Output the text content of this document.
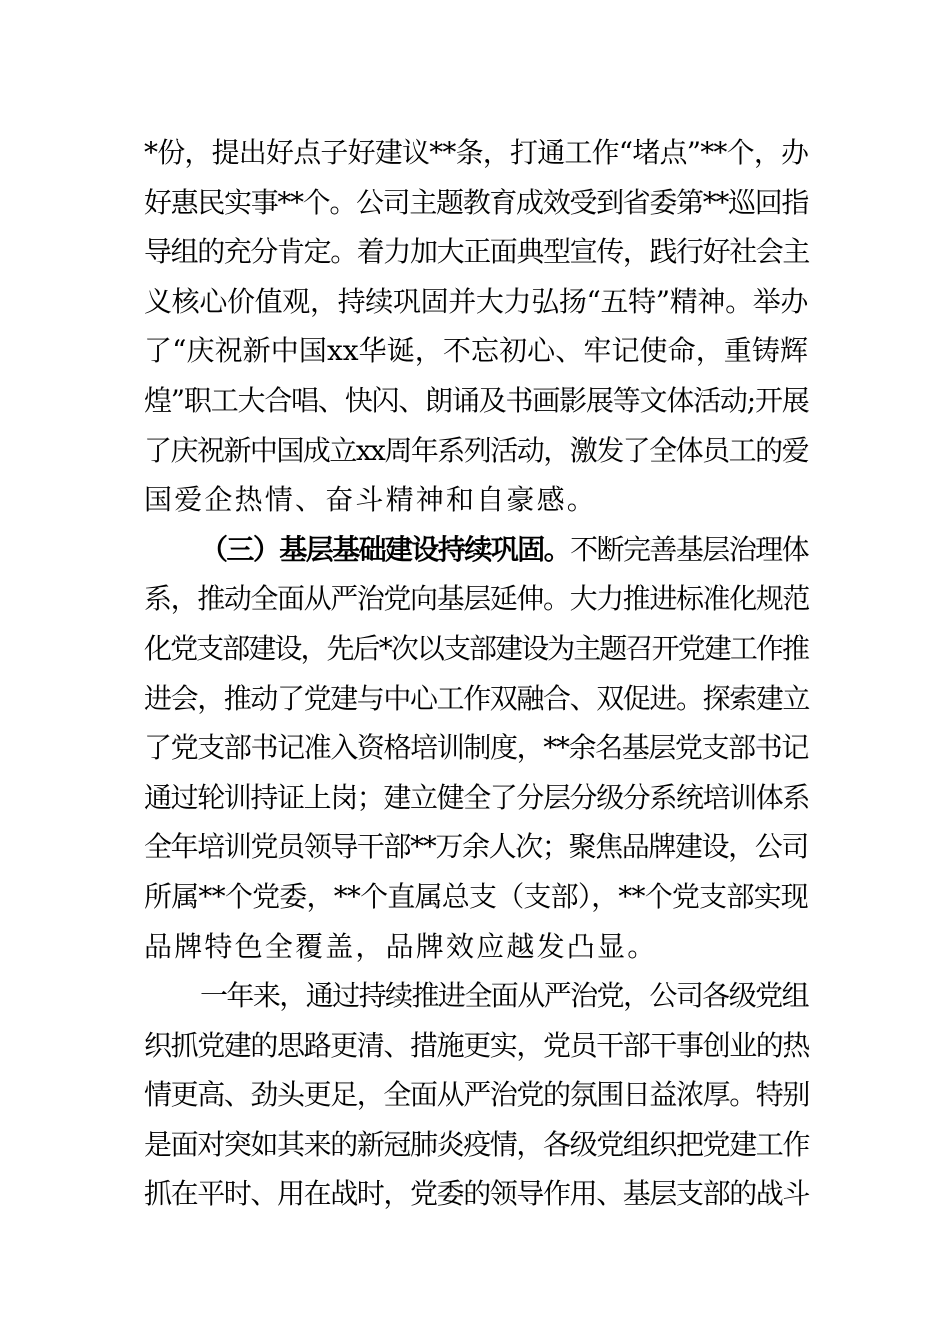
*份，提出好点子好建议**条，打通工作“堵点”**个，办
好惠民实事**个。公司主题教育成效受到省委第**巡回指
导组的充分肯定。着力加大正面典型宣传，践行好社会主
义核心价值观，持续巩固并大力弘扬“五特”精神。举办
了“庆祝新中国xx华诞，不忘初心、牢记使命，重铸辉
煌”职工大合唱、快闪、朗诵及书画影展等文体活动;开展
了庆祝新中国成立xx周年系列活动，激发了全体员工的爱
国爱企热情、奋斗精神和自豪感。
（三）基层基础建设持续巩固。不断完善基层治理体
系，推动全面从严治党向基层延伸。大力推进标准化规范
化党支部建设，先后*次以支部建设为主题召开党建工作推
进会，推动了党建与中心工作双融合、双促进。探索建立
了党支部书记准入资格培训制度，**余名基层党支部书记
通过轮训持证上岗；建立健全了分层分级分系统培训体系
全年培训党员领导干部**万余人次；聚焦品牌建设，公司
所属**个党委，**个直属总支（支部），**个党支部实现
品牌特色全覆盖，品牌效应越发凸显。
一年来，通过持续推进全面从严治党，公司各级党组
织抓党建的思路更清、措施更实，党员干部干事创业的热
情更高、劲头更足，全面从严治党的氛围日益浓厚。特别
是面对突如其来的新冠肺炎疫情，各级党组织把党建工作
抓在平时、用在战时，党委的领导作用、基层支部的战斗
